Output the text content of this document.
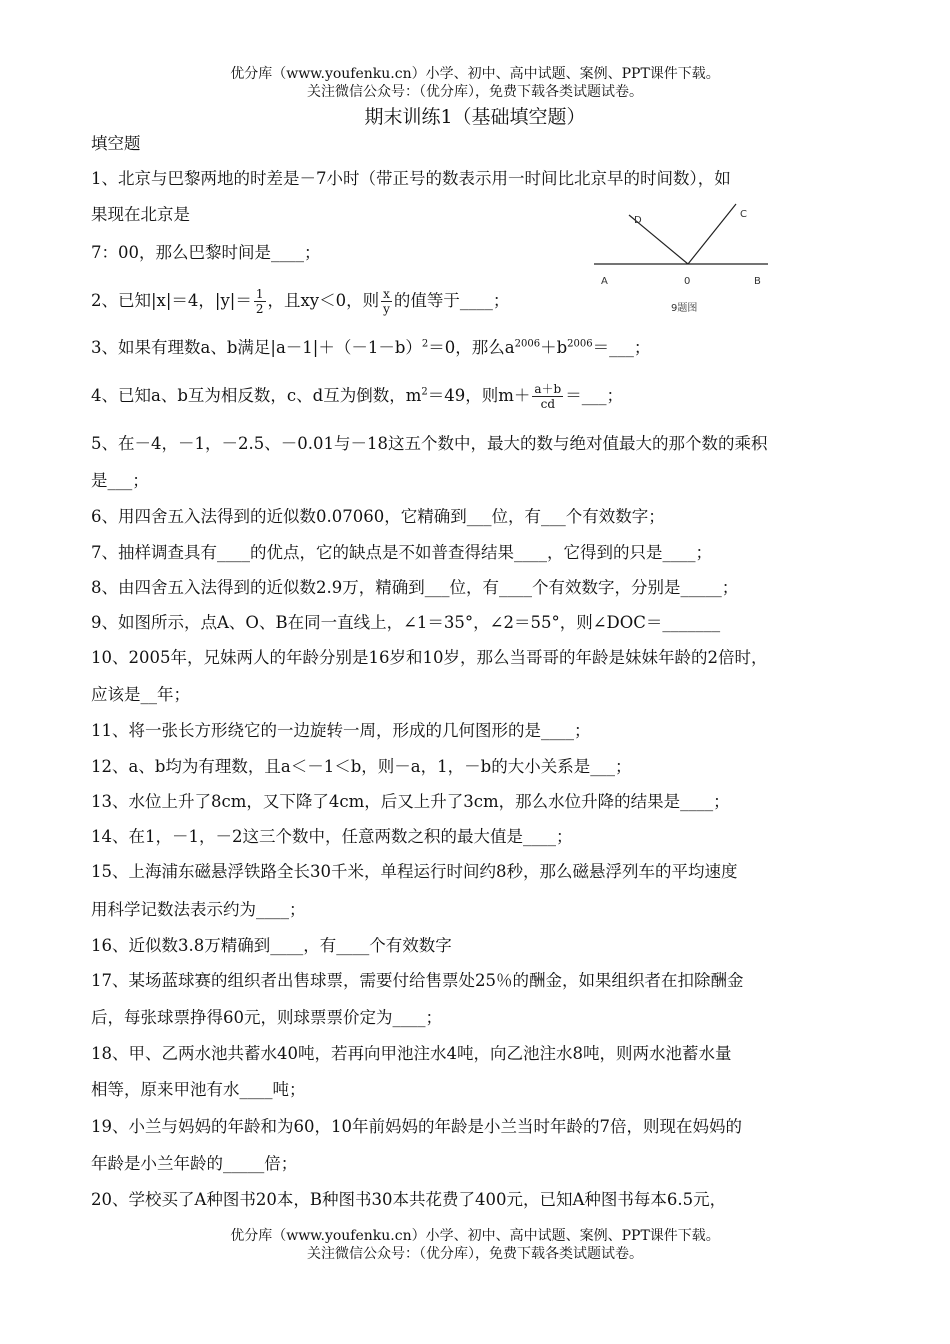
优分库（www.youfenku.cn）小学、初中、高中试题、案例、PPT课件下载。
关注微信公众号：（优分库），免费下载各类试题试卷。
期末训练1（基础填空题）
填空题
1、北京与巴黎两地的时差是－7小时（带正号的数表示用一时间比北京早的时间数），如
果现在北京是
7：00，那么巴黎时间是____；
2、已知|x|＝4，$|y|= \frac{1}{2}$ ，且xy＜0，则 $\frac{x}{y}$ 的值等于____；
3、如果有理数a、b满足$|a-1|+(-1-b)^2=0$，那么$a^{2006}+b^{2006}=\_\_\_$；
4、已知a、b互为相反数，c、d互为倒数，$m^2=49$，则$m+ \frac{a+b}{cd}$ ＝___；
5、在－4，－1，－2.5、－0.01与－18这五个数中，最大的数与绝对值最大的那个数的乘积
是___；
6、用四舍五入法得到的近似数0.07060，它精确到___位，有___个有效数字；
7、抽样调查具有____的优点，它的缺点是不如普查得结果____，它得到的只是____；
8、由四舍五入法得到的近似数2.9万，精确到___位，有____个有效数字，分别是_____；
9、如图所示，点A、O、B在同一直线上，∠1＝35°，∠2＝55°，则∠DOC＝_______
10、2005年，兄妹两人的年龄分别是16岁和10岁，那么当哥哥的年龄是妹妹年龄的2倍时，
应该是__年；
11、将一张长方形绕它的一边旋转一周，形成的几何图形的是____；
12、a、b均为有理数，且a＜－1＜b，则－a，1，－b的大小关系是___；
13、水位上升了8cm，又下降了4cm，后又上升了3cm，那么水位升降的结果是____；
14、在1，－1，－2这三个数中，任意两数之积的最大值是____；
15、上海浦东磁悬浮铁路全长30千米，单程运行时间约8秒，那么磁悬浮列车的平均速度
用科学记数法表示约为____；
16、近似数3.8万精确到____，有____个有效数字
17、某场蓝球赛的组织者出售球票，需要付给售票处25％的酬金，如果组织者在扣除酬金
后，每张球票挣得60元，则球票票价定为____；
18、甲、乙两水池共蓄水40吨，若再向甲池注水4吨，向乙池注水8吨，则两水池蓄水量
相等，原来甲池有水____吨；
19、小兰与妈妈的年龄和为60，10年前妈妈的年龄是小兰当时年龄的7倍，则现在妈妈的
年龄是小兰年龄的_____倍；
20、学校买了A种图书20本，B种图书30本共花费了400元，已知A种图书每本6.5元，
A	0	B
D
C
9题图
优分库（www.youfenku.cn）小学、初中、高中试题、案例、PPT课件下载。
关注微信公众号：（优分库），免费下载各类试题试卷。
